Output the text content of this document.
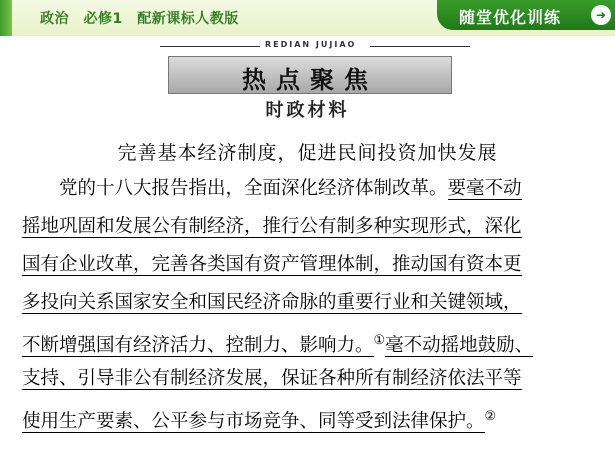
政治　必修1　配新课标人教版	随堂优化训练	➜
REDIAN JUJIAO
热点聚焦
时政材料
完善基本经济制度，促进民间投资加快发展
　　党的十八大报告指出，全面深化经济体制改革。要毫不动
摇地巩固和发展公有制经济，推行公有制多种实现形式，深化
国有企业改革，完善各类国有资产管理体制，推动国有资本更
多投向关系国家安全和国民经济命脉的重要行业和关键领域，
不断增强国有经济活力、控制力、影响力。①毫不动摇地鼓励、
支持、引导非公有制经济发展，保证各种所有制经济依法平等
使用生产要素、公平参与市场竞争、同等受到法律保护。②
